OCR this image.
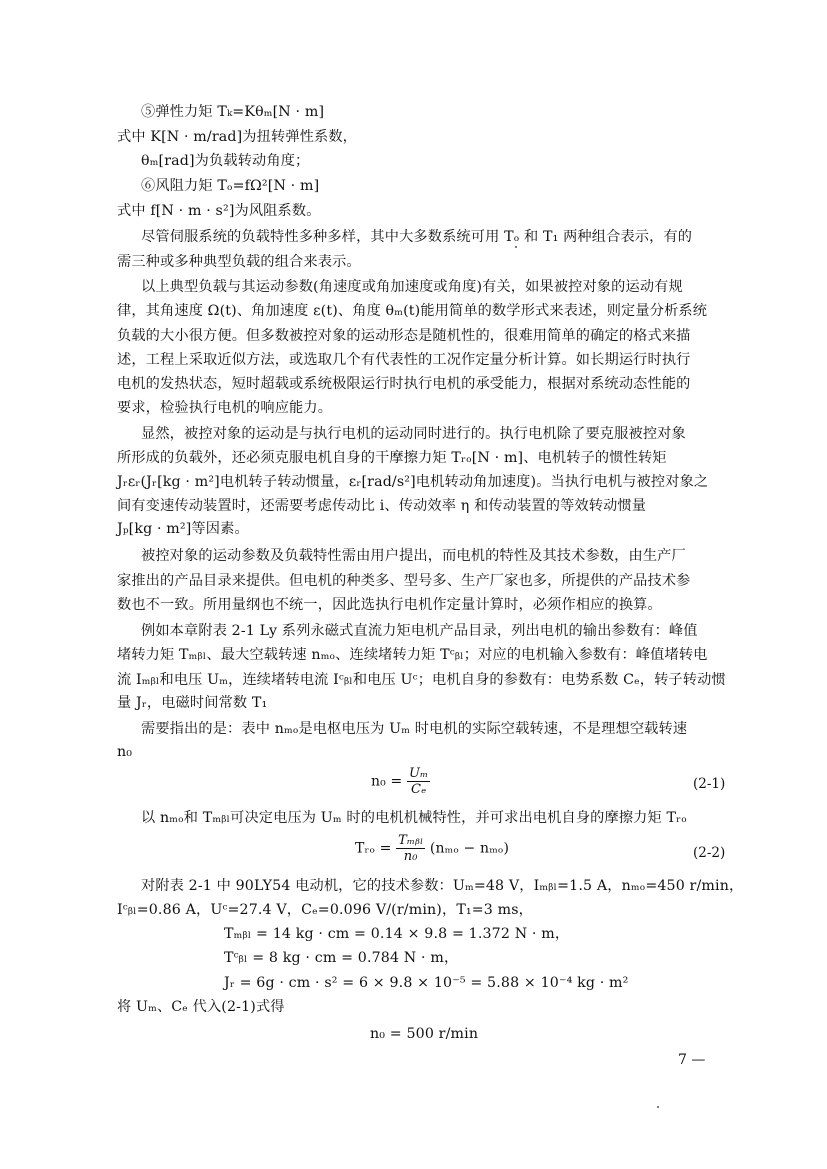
⑤弹性力矩 Tₖ=Kθₘ[N · m]
式中 K[N · m/rad]为扭转弹性系数，
θₘ[rad]为负载转动角度；
⑥风阻力矩 Tₒ=fΩ²[N · m]
式中 f[N · m · s²]为风阻系数。
尽管伺服系统的负载特性多种多样，其中大多数系统可用 Tₒ 和 T₁ 两种组合表示，有的
需三种或多种典型负载的组合来表示。
以上典型负载与其运动参数(角速度或角加速度或角度)有关，如果被控对象的运动有规
律，其角速度 Ω(t)、角加速度 ε(t)、角度 θₘ(t)能用简单的数学形式来表述，则定量分析系统
负载的大小很方便。但多数被控对象的运动形态是随机性的，很难用简单的确定的格式来描
述，工程上采取近似方法，或选取几个有代表性的工况作定量分析计算。如长期运行时执行
电机的发热状态，短时超载或系统极限运行时执行电机的承受能力，根据对系统动态性能的
要求，检验执行电机的响应能力。
显然，被控对象的运动是与执行电机的运动同时进行的。执行电机除了要克服被控对象
所形成的负载外，还必须克服电机自身的干摩擦力矩 Tᵣₒ[N · m]、电机转子的惯性转矩
Jᵣεᵣ(Jᵣ[kg · m²]电机转子转动惯量，εᵣ[rad/s²]电机转动角加速度)。当执行电机与被控对象之
间有变速传动装置时，还需要考虑传动比 i、传动效率 η 和传动装置的等效转动惯量
Jₚ[kg · m²]等因素。
被控对象的运动参数及负载特性需由用户提出，而电机的特性及其技术参数，由生产厂
家推出的产品目录来提供。但电机的种类多、型号多、生产厂家也多，所提供的产品技术参
数也不一致。所用量纲也不统一，因此选执行电机作定量计算时，必须作相应的换算。
例如本章附表 2-1 Ly 系列永磁式直流力矩电机产品目录，列出电机的输出参数有：峰值
堵转力矩 Tₘᵦₗ、最大空载转速 nₘₒ、连续堵转力矩 Tᶜᵦₗ；对应的电机输入参数有：峰值堵转电
流 Iₘᵦₗ和电压 Uₘ，连续堵转电流 Iᶜᵦₗ和电压 Uᶜ；电机自身的参数有：电势系数 Cₑ，转子转动惯
量 Jᵣ，电磁时间常数 T₁
需要指出的是：表中 nₘₒ是电枢电压为 Uₘ 时电机的实际空载转速，不是理想空载转速
n₀
$n_0 = \frac{\text{Uₘ}}{\text{Cₑ}}$	(2-1)
以 nₘₒ和 Tₘᵦₗ可决定电压为 Uₘ 时的电机机械特性，并可求出电机自身的摩擦力矩 Tᵣₒ
Tᵣₒ = $\frac{\text{Tₘᵦₗ}}{\text{n₀}} (n_{mo} - n_{mo})$	(2-2)
对附表 2-1 中 90LY54 电动机，它的技术参数：Uₘ=48 V，Iₘᵦₗ=1.5 A，nₘₒ=450 r/min，
Iᶜᵦₗ=0.86 A，Uᶜ=27.4 V，Cₑ=0.096 V/(r/min)，T₁=3 ms，
Tₘᵦₗ = 14 kg · cm = 0.14 × 9.8 = 1.372 N · m，
Tᶜᵦₗ = 8 kg · cm = 0.784 N · m，
Jᵣ = 6g · cm · s² = 6 × 9.8 × 10⁻⁵ = 5.88 × 10⁻⁴ kg · m²
将 Uₘ、Cₑ 代入(2-1)式得
n₀ = 500 r/min
7 —
